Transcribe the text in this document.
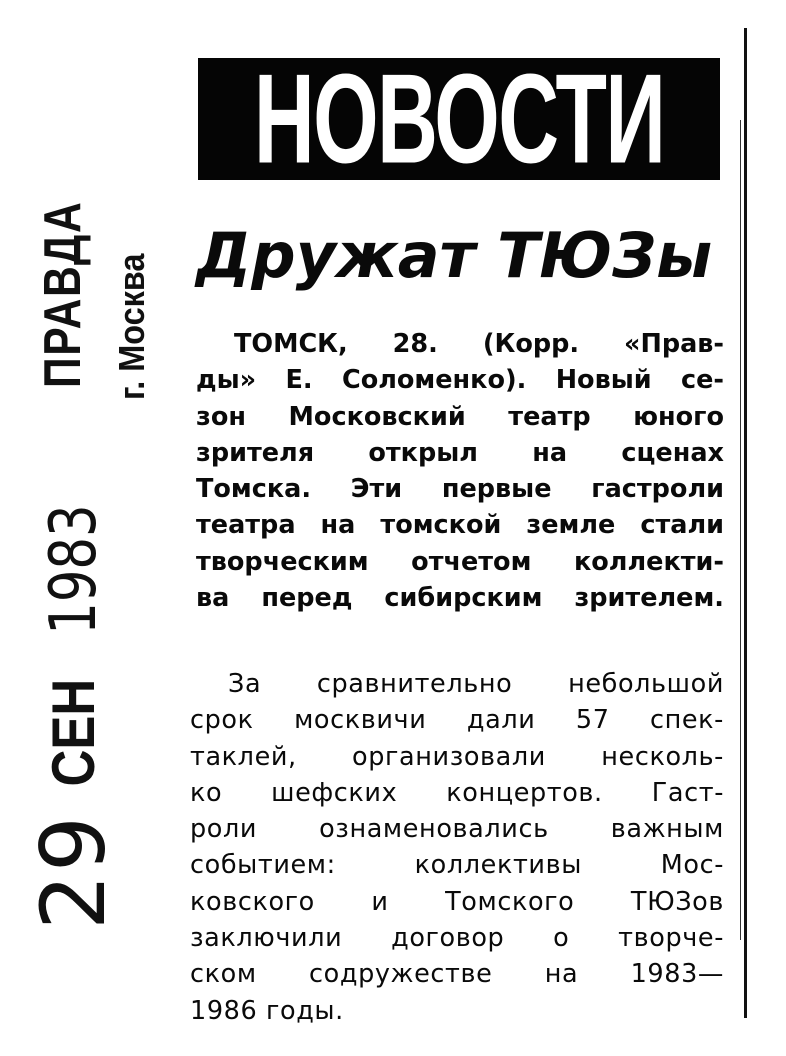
НОВОСТИ
ПРАВДА г. Москва
29
СЕН
1983
Дружат ТЮЗы
ТОМСК, 28. (Корр. «Прав-
ды» Е. Соломенко). Новый се-
зон Московский театр юного
зрителя открыл на сценах
Томска. Эти первые гастроли
театра на томской земле стали
творческим отчетом коллекти-
ва перед сибирским зрителем.
За сравнительно небольшой
срок москвичи дали 57 спек-
таклей, организовали несколь-
ко шефских концертов. Гаст-
роли ознаменовались важным
событием: коллективы Мос-
ковского и Томского ТЮЗов
заключили договор о творче-
ском содружестве на 1983—
1986 годы.
